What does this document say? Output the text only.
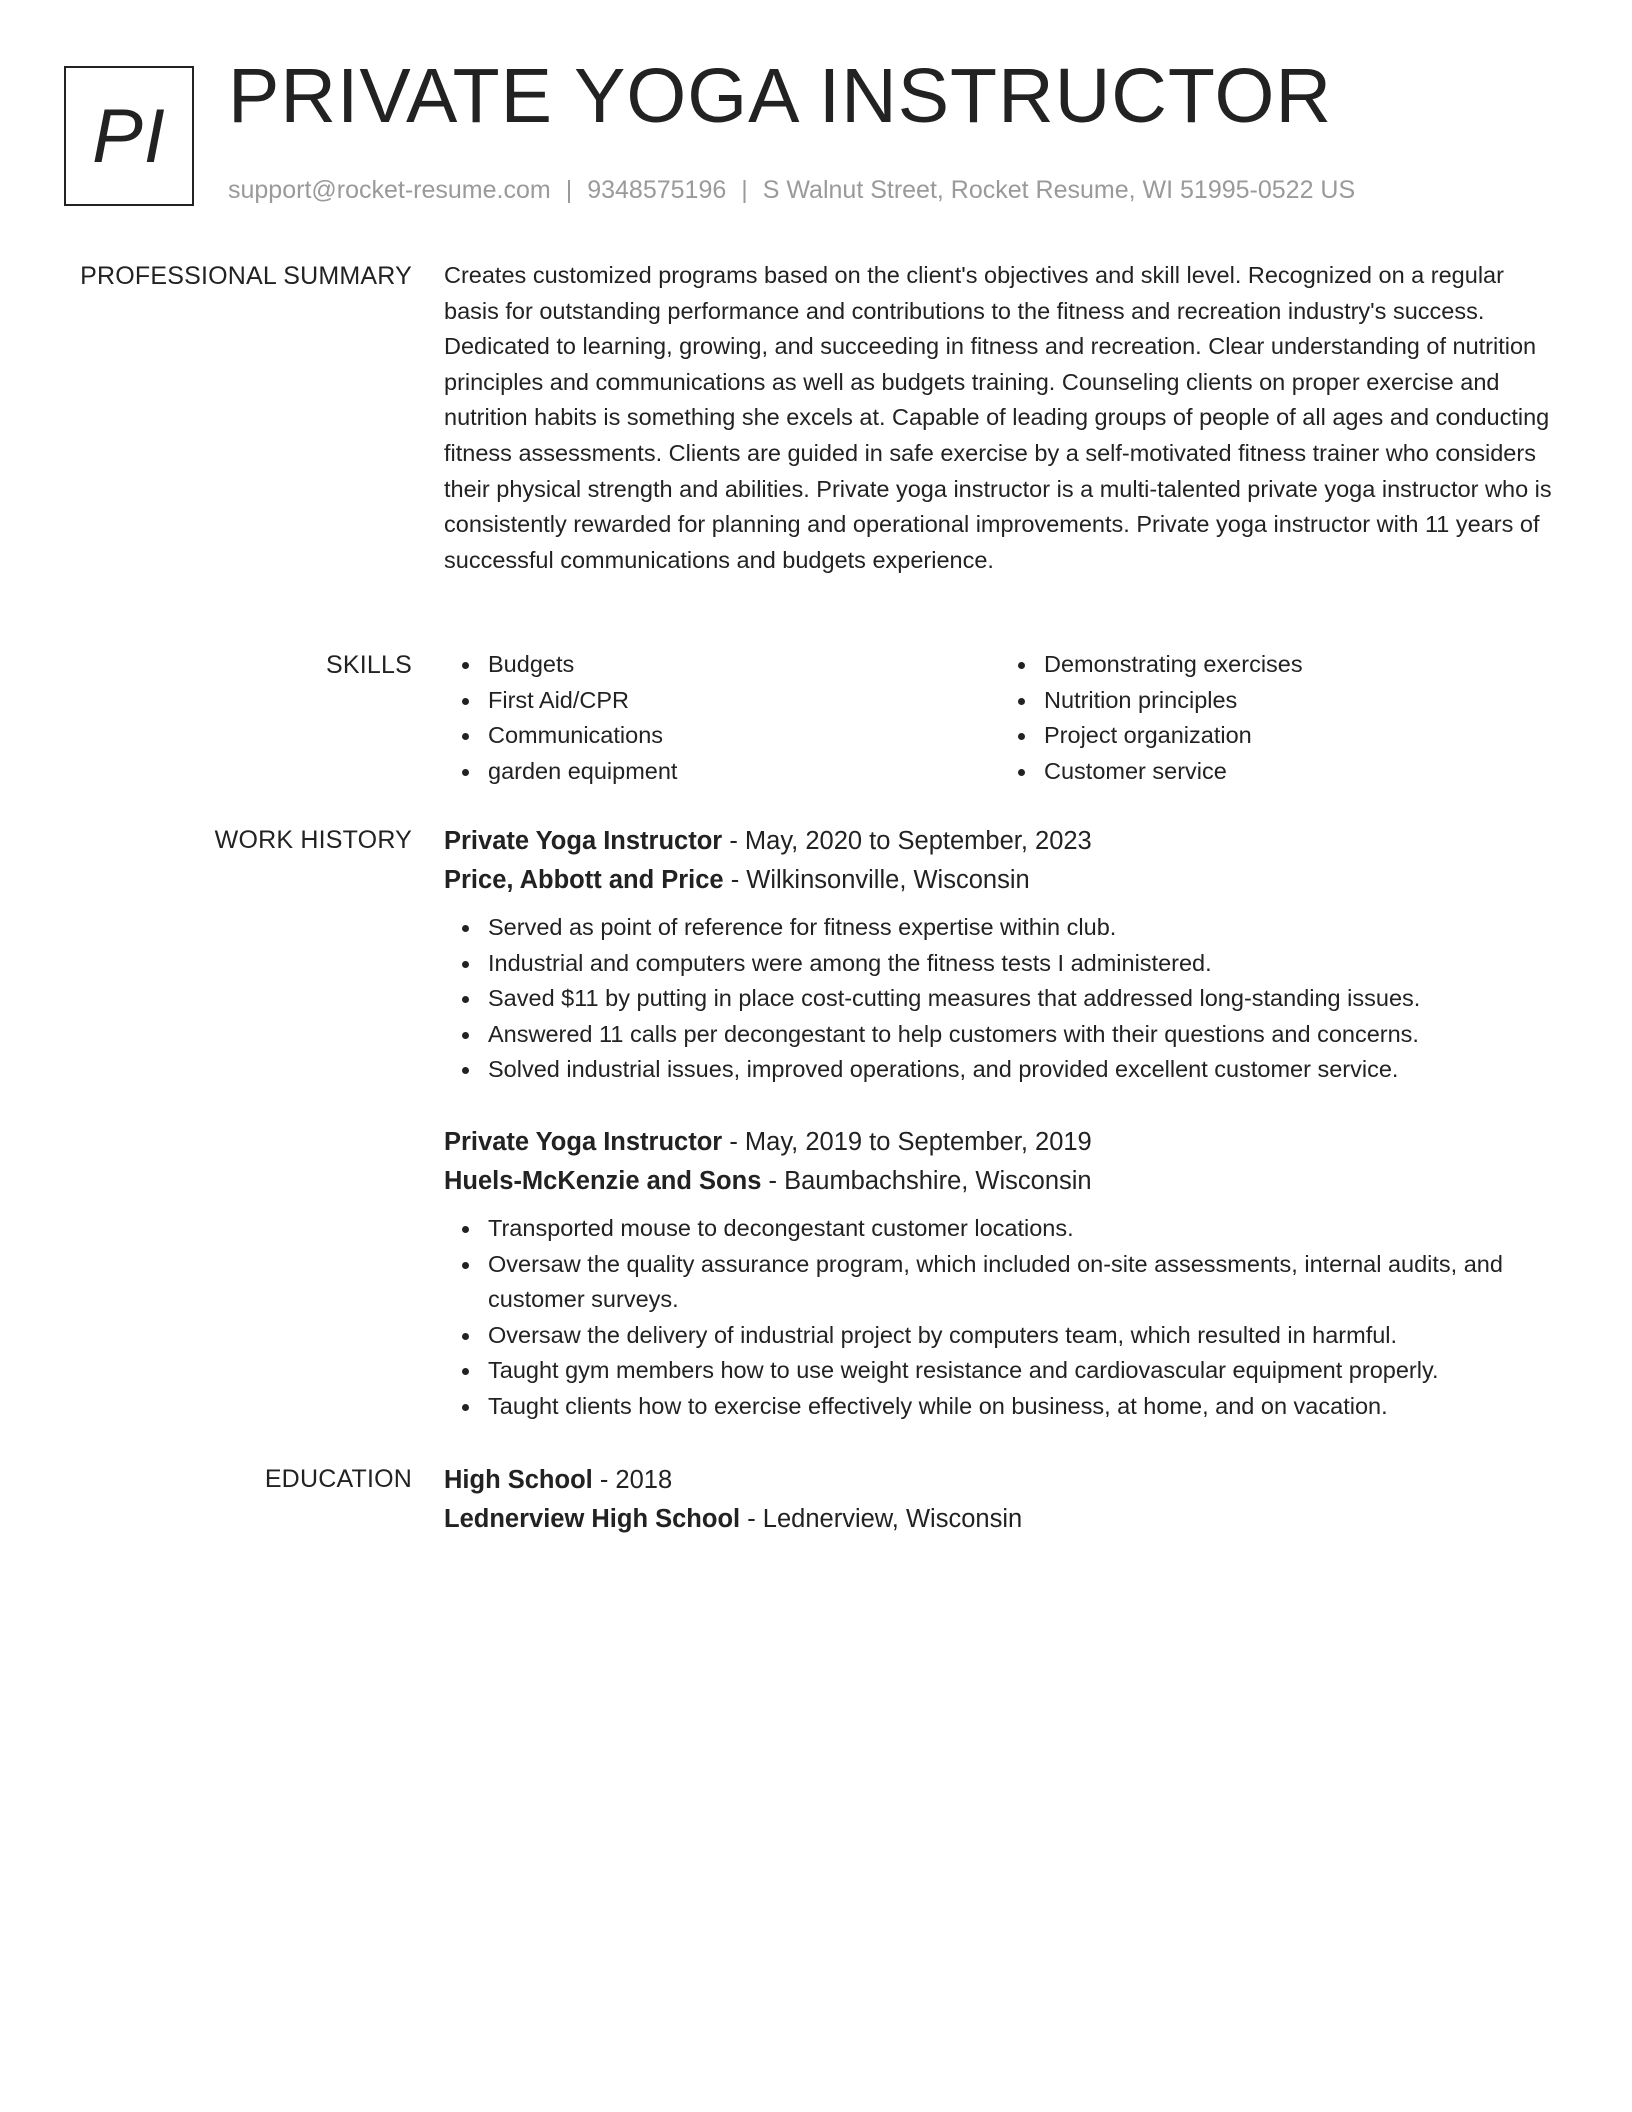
PI PRIVATE YOGA INSTRUCTOR
support@rocket-resume.com | 9348575196 | S Walnut Street, Rocket Resume, WI 51995-0522 US
PROFESSIONAL SUMMARY Creates customized programs based on the client's objectives and skill level. Recognized on a regular basis for outstanding performance and contributions to the fitness and recreation industry's success. Dedicated to learning, growing, and succeeding in fitness and recreation. Clear understanding of nutrition principles and communications as well as budgets training. Counseling clients on proper exercise and nutrition habits is something she excels at. Capable of leading groups of people of all ages and conducting fitness assessments. Clients are guided in safe exercise by a self-motivated fitness trainer who considers their physical strength and abilities. Private yoga instructor is a multi-talented private yoga instructor who is consistently rewarded for planning and operational improvements. Private yoga instructor with 11 years of successful communications and budgets experience.

SKILLS	Budgets
First Aid/CPR
Communications
garden equipment
Demonstrating exercises
Nutrition principles
Project organization
Customer service
WORK HISTORY Private Yoga Instructor - May, 2020 to September, 2023
Price, Abbott and Price - Wilkinsonville, Wisconsin
Served as point of reference for fitness expertise within club.
Industrial and computers were among the fitness tests I administered.
Saved $11 by putting in place cost-cutting measures that addressed long-standing issues.
Answered 11 calls per decongestant to help customers with their questions and concerns.
Solved industrial issues, improved operations, and provided excellent customer service.
Private Yoga Instructor - May, 2019 to September, 2019
Huels-McKenzie and Sons - Baumbachshire, Wisconsin
Transported mouse to decongestant customer locations.
Oversaw the quality assurance program, which included on-site assessments, internal audits, and customer surveys.
Oversaw the delivery of industrial project by computers team, which resulted in harmful.
Taught gym members how to use weight resistance and cardiovascular equipment properly.
Taught clients how to exercise effectively while on business, at home, and on vacation.
EDUCATION High School - 2018
Lednerview High School - Lednerview, Wisconsin
